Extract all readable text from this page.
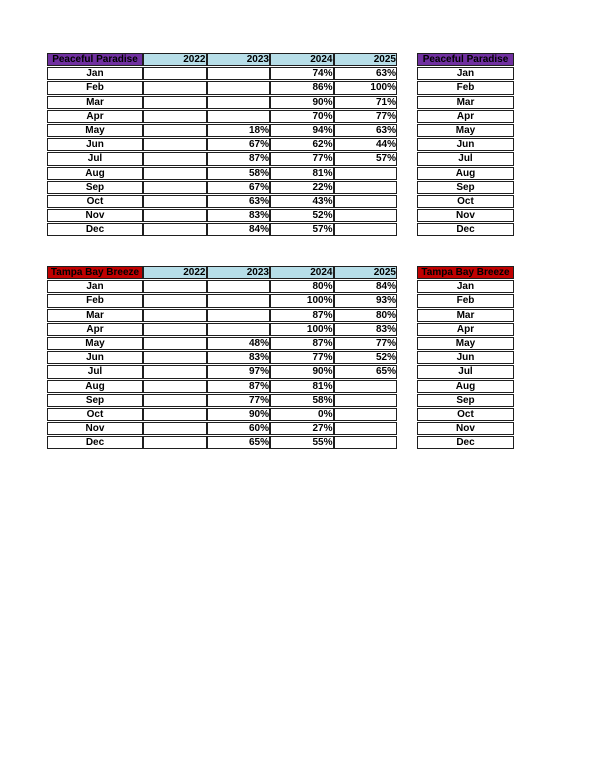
Peaceful Paradise	2022	2023	2024	2025
Jan			74%	63%
Feb			86%	100%
Mar			90%	71%
Apr			70%	77%
May		18%	94%	63%
Jun		67%	62%	44%
Jul		87%	77%	57%
Aug		58%	81%	
Sep		67%	22%	
Oct		63%	43%	
Nov		83%	52%	
Dec		84%	57%	
Peaceful Paradise
Jan
Feb
Mar
Apr
May
Jun
Jul
Aug
Sep
Oct
Nov
Dec
Tampa Bay Breeze	2022	2023	2024	2025
Jan			80%	84%
Feb			100%	93%
Mar			87%	80%
Apr			100%	83%
May		48%	87%	77%
Jun		83%	77%	52%
Jul		97%	90%	65%
Aug		87%	81%	
Sep		77%	58%	
Oct		90%	0%	
Nov		60%	27%	
Dec		65%	55%	
Tampa Bay Breeze
Jan
Feb
Mar
Apr
May
Jun
Jul
Aug
Sep
Oct
Nov
Dec
